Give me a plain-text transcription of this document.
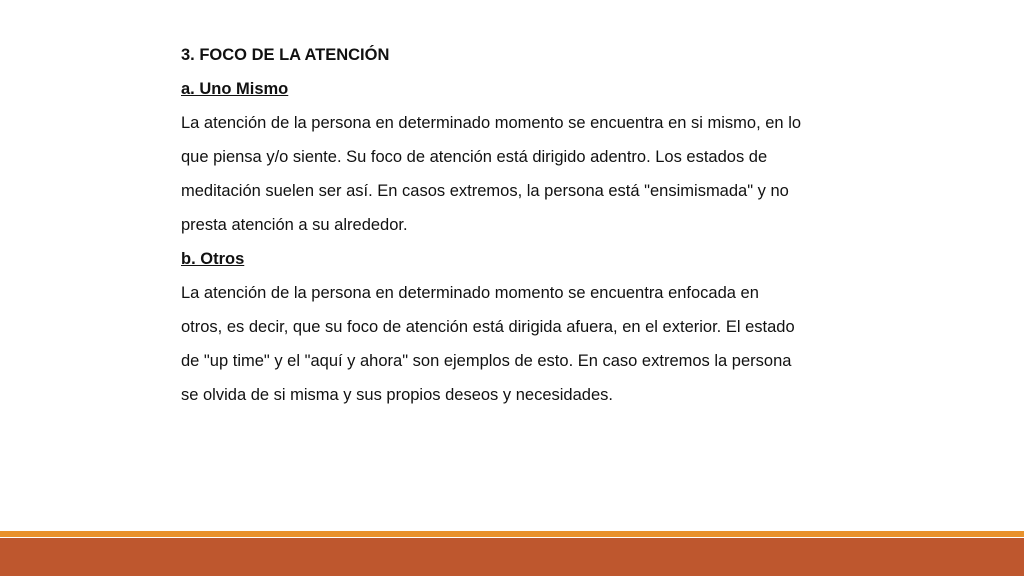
3. FOCO DE LA ATENCIÓN

a. Uno Mismo

La atención de la persona en determinado momento se encuentra en si mismo, en lo

que piensa y/o siente. Su foco de atención está dirigido adentro. Los estados de

meditación suelen ser así. En casos extremos, la persona está "ensimismada" y no

presta atención a su alrededor.

b. Otros

La atención de la persona en determinado momento se encuentra enfocada en

otros, es decir, que su foco de atención está dirigida afuera, en el exterior. El estado

de "up time" y el "aquí y ahora" son ejemplos de esto. En caso extremos la persona

se olvida de si misma y sus propios deseos y necesidades.
